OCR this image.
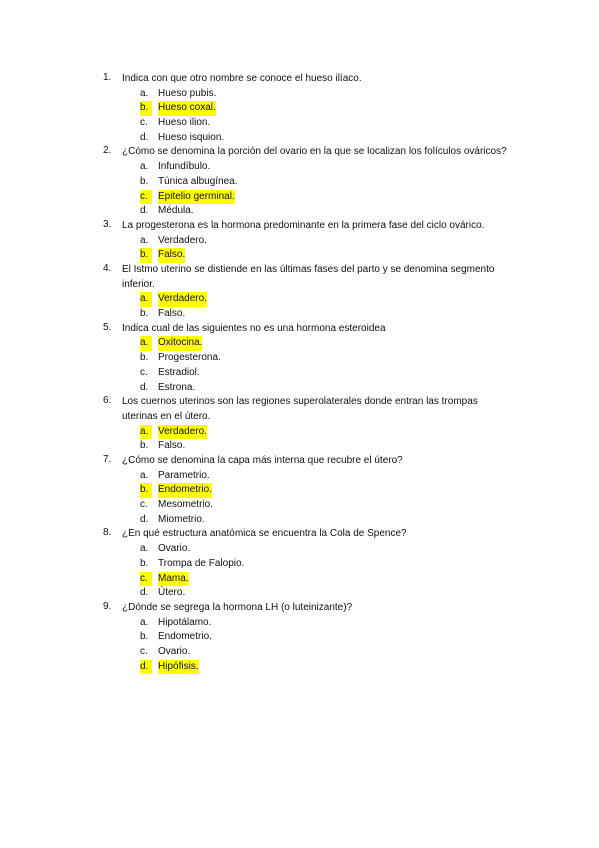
1. Indica con que otro nombre se conoce el hueso ilíaco.
a. Hueso pubis.
b. Hueso coxal.
c. Hueso ilion.
d. Hueso isquion.
2. ¿Cómo se denomina la porción del ovario en la que se localizan los folículos ováricos?
a. Infundíbulo.
b. Túnica albugínea.
c.	Epitelio germinal.
d. Médula.
3. La progesterona es la hormona predominante en la primera fase del ciclo ovárico.
a. Verdadero.
b. Falso.
4. El Istmo uterino se distiende en las últimas fases del parto y se denomina segmento inferior.
a. Verdadero.
b. Falso.
5. Indica cual de las siguientes no es una hormona esteroidea
a. Oxitocina.
b. Progesterona.
c. Estradiol.
d. Estrona.
6. Los cuernos uterinos son las regiones superolaterales donde entran las trompas uterinas en el útero.
a. Verdadero.
b. Falso.
7. ¿Cómo se denomina la capa más interna que recubre el útero?
a. Parametrio.
b. Endometrio.
c. Mesometrio.
d. Miometrio.
8. ¿En qué estructura anatómica se encuentra la Cola de Spence?
a. Ovario.
b. Trompa de Falopio.
c.	Mama.
d. Útero.
9. ¿Dónde se segrega la hormona LH (o luteinizante)?
a. Hipotálamo.
b. Endometrio.
c. Ovario.
d. Hipófisis.
